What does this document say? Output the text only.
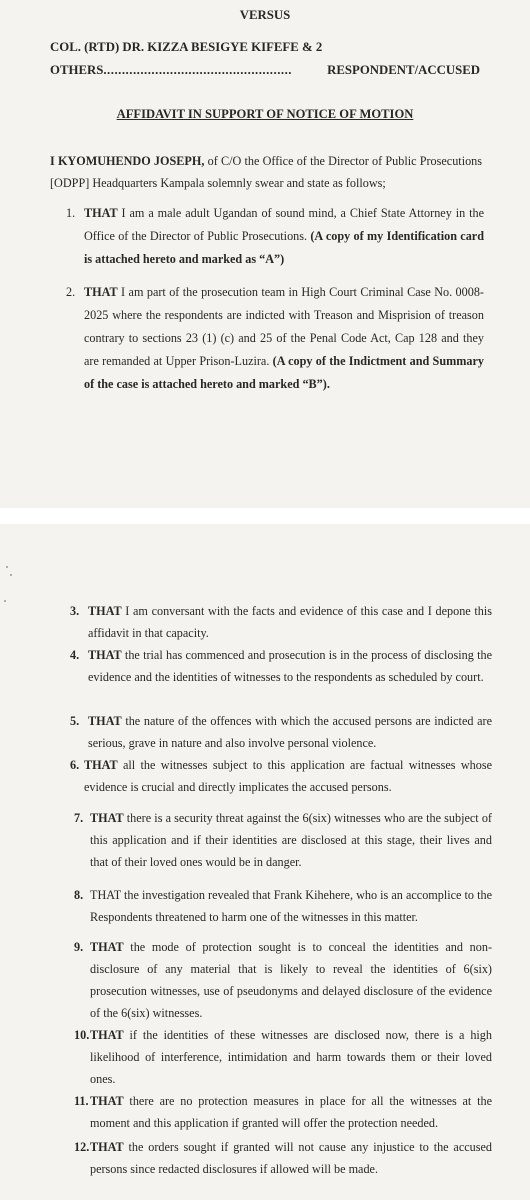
VERSUS
COL. (RTD) DR. KIZZA BESIGYE KIFEFE & 2
OTHERS ...................................................	RESPONDENT/ACCUSED
AFFIDAVIT IN SUPPORT OF NOTICE OF MOTION
I KYOMUHENDO JOSEPH, of C/O the Office of the Director of Public Prosecutions [ODPP] Headquarters Kampala solemnly swear and state as follows;
1. THAT I am a male adult Ugandan of sound mind, a Chief State Attorney in the Office of the Director of Public Prosecutions. (A copy of my Identification card is attached hereto and marked as “A”)
2. THAT I am part of the prosecution team in High Court Criminal Case No. 0008-2025 where the respondents are indicted with Treason and Misprision of treason contrary to sections 23 (1) (c) and 25 of the Penal Code Act, Cap 128 and they are remanded at Upper Prison-Luzira. (A copy of the Indictment and Summary of the case is attached hereto and marked “B”).
3. THAT I am conversant with the facts and evidence of this case and I depone this affidavit in that capacity.
4. THAT the trial has commenced and prosecution is in the process of disclosing the evidence and the identities of witnesses to the respondents as scheduled by court.
5. THAT the nature of the offences with which the accused persons are indicted are serious, grave in nature and also involve personal violence.
6. THAT all the witnesses subject to this application are factual witnesses whose evidence is crucial and directly implicates the accused persons.
7. THAT there is a security threat against the 6(six) witnesses who are the subject of this application and if their identities are disclosed at this stage, their lives and that of their loved ones would be in danger.
8. THAT the investigation revealed that Frank Kihehere, who is an accomplice to the Respondents threatened to harm one of the witnesses in this matter.
9. THAT the mode of protection sought is to conceal the identities and non-disclosure of any material that is likely to reveal the identities of 6(six) prosecution witnesses, use of pseudonyms and delayed disclosure of the evidence of the 6(six) witnesses.
10. THAT if the identities of these witnesses are disclosed now, there is a high likelihood of interference, intimidation and harm towards them or their loved ones.
11. THAT there are no protection measures in place for all the witnesses at the moment and this application if granted will offer the protection needed.
12. THAT the orders sought if granted will not cause any injustice to the accused persons since redacted disclosures if allowed will be made.
